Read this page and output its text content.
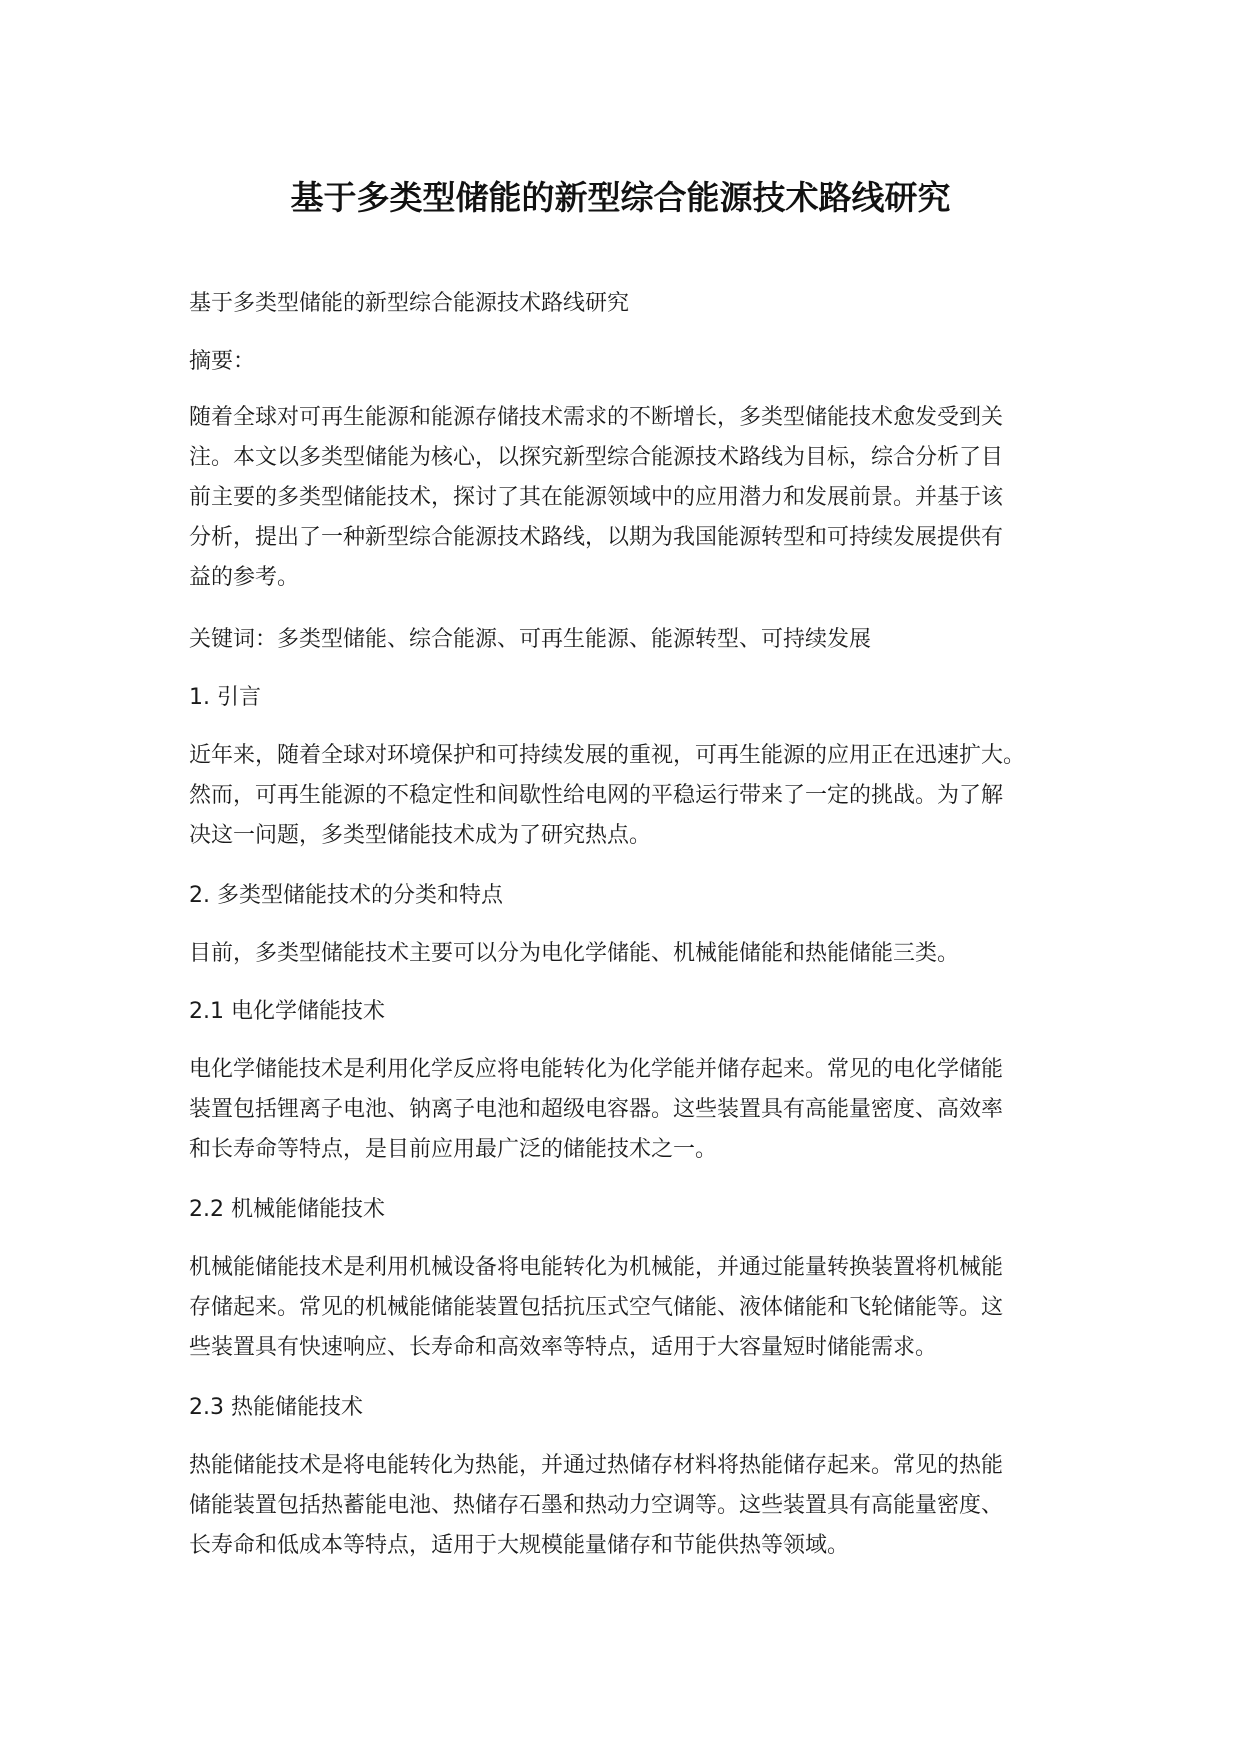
基于多类型储能的新型综合能源技术路线研究

基于多类型储能的新型综合能源技术路线研究

摘要：

随着全球对可再生能源和能源存储技术需求的不断增长，多类型储能技术愈发受到关
注。本文以多类型储能为核心，以探究新型综合能源技术路线为目标，综合分析了目
前主要的多类型储能技术，探讨了其在能源领域中的应用潜力和发展前景。并基于该
分析，提出了一种新型综合能源技术路线，以期为我国能源转型和可持续发展提供有
益的参考。

关键词：多类型储能、综合能源、可再生能源、能源转型、可持续发展

1. 引言

近年来，随着全球对环境保护和可持续发展的重视，可再生能源的应用正在迅速扩大。
然而，可再生能源的不稳定性和间歇性给电网的平稳运行带来了一定的挑战。为了解
决这一问题，多类型储能技术成为了研究热点。

2. 多类型储能技术的分类和特点

目前，多类型储能技术主要可以分为电化学储能、机械能储能和热能储能三类。

2.1 电化学储能技术

电化学储能技术是利用化学反应将电能转化为化学能并储存起来。常见的电化学储能
装置包括锂离子电池、钠离子电池和超级电容器。这些装置具有高能量密度、高效率
和长寿命等特点，是目前应用最广泛的储能技术之一。

2.2 机械能储能技术

机械能储能技术是利用机械设备将电能转化为机械能，并通过能量转换装置将机械能
存储起来。常见的机械能储能装置包括抗压式空气储能、液体储能和飞轮储能等。这
些装置具有快速响应、长寿命和高效率等特点，适用于大容量短时储能需求。

2.3 热能储能技术

热能储能技术是将电能转化为热能，并通过热储存材料将热能储存起来。常见的热能
储能装置包括热蓄能电池、热储存石墨和热动力空调等。这些装置具有高能量密度、
长寿命和低成本等特点，适用于大规模能量储存和节能供热等领域。
